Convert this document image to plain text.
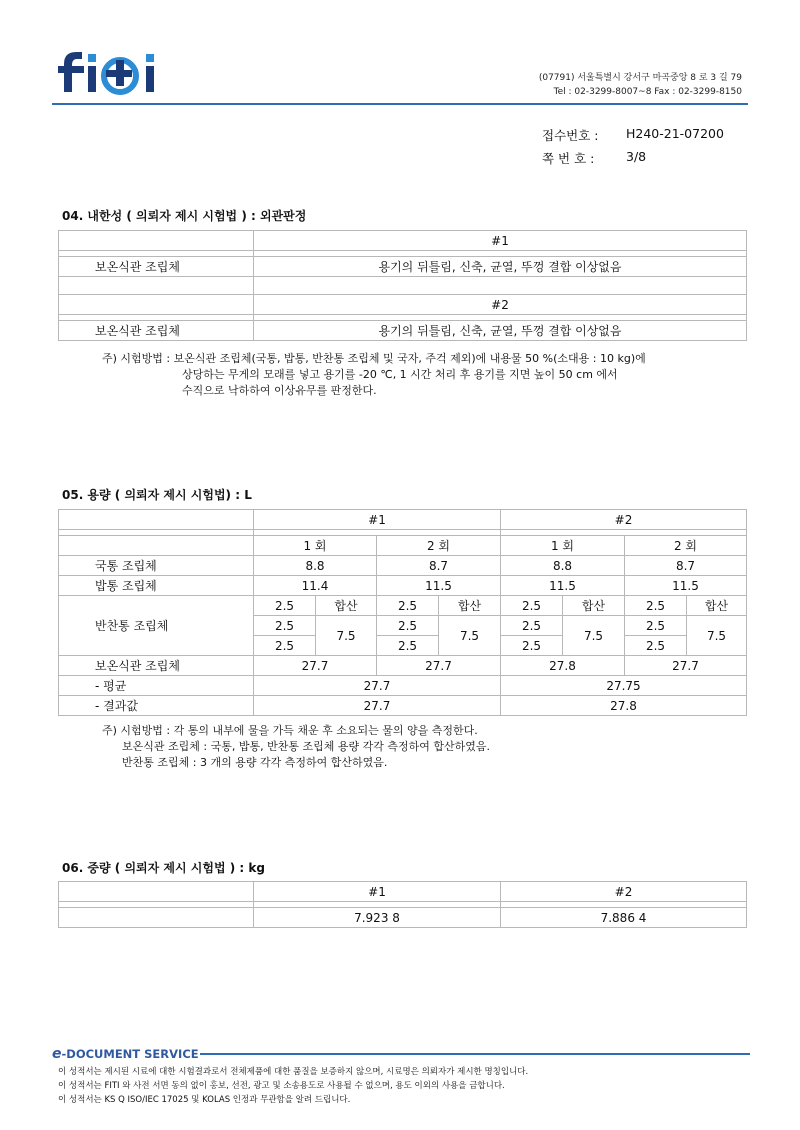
fiti
(07791) 서울특별시 강서구 마곡중앙 8 로 3 길 79
Tel : 02-3299-8007~8 Fax : 02-3299-8150
접수번호 : H240-21-07200
쪽 번 호 :	3/8
04. 내한성 ( 의뢰자 제시 시험법 ) : 외관판정
	#1

보온식관 조립체	용기의 뒤틀림, 신축, 균열, 뚜껑 결합 이상없음

	#2

보온식관 조립체	용기의 뒤틀림, 신축, 균열, 뚜껑 결합 이상없음
주) 시험방법 : 보온식관 조립체(국통, 밥통, 반찬통 조립체 및 국자, 주걱 제외)에 내용물 50 %(소대용 : 10 kg)에
상당하는 무게의 모래를 넣고 용기를 -20 ℃, 1 시간 처리 후 용기를 지면 높이 50 cm 에서
수직으로 낙하하여 이상유무를 판정한다.
05. 용량 ( 의뢰자 제시 시험법) : L
	#1				#2			

	1 회		2 회		1 회		2 회	
국통 조립체	8.8		8.7		8.8		8.7	
밥통 조립체	11.4		11.5		11.5		11.5	
반찬통 조립체	2.5	합산	2.5	합산	2.5	합산	2.5	합산
	2.5	7.5	2.5	7.5	2.5	7.5	2.5	7.5
	2.5		2.5		2.5		2.5	
보온식관 조립체	27.7		27.7		27.8		27.7	
- 평균	27.7				27.75			
- 결과값	27.7				27.8			
주) 시험방법 : 각 통의 내부에 물을 가득 채운 후 소요되는 물의 양을 측정한다.
보온식관 조립체 : 국통, 밥통, 반찬통 조립체 용량 각각 측정하여 합산하였음.
반찬통 조립체 : 3 개의 용량 각각 측정하여 합산하였음.
06. 중량 ( 의뢰자 제시 시험법 ) : kg
	#1	#2

	7.923 8	7.886 4
e-DOCUMENT SERVICE
이 성적서는 제시된 시료에 대한 시험결과로서 전체제품에 대한 품질을 보증하지 않으며, 시료명은 의뢰자가 제시한 명칭입니다.
이 성적서는 FITI 와 사전 서면 동의 없이 홍보, 선전, 광고 및 소송용도로 사용될 수 없으며, 용도 이외의 사용을 금합니다.
이 성적서는 KS Q ISO/IEC 17025 및 KOLAS 인정과 무관함을 알려 드립니다.
